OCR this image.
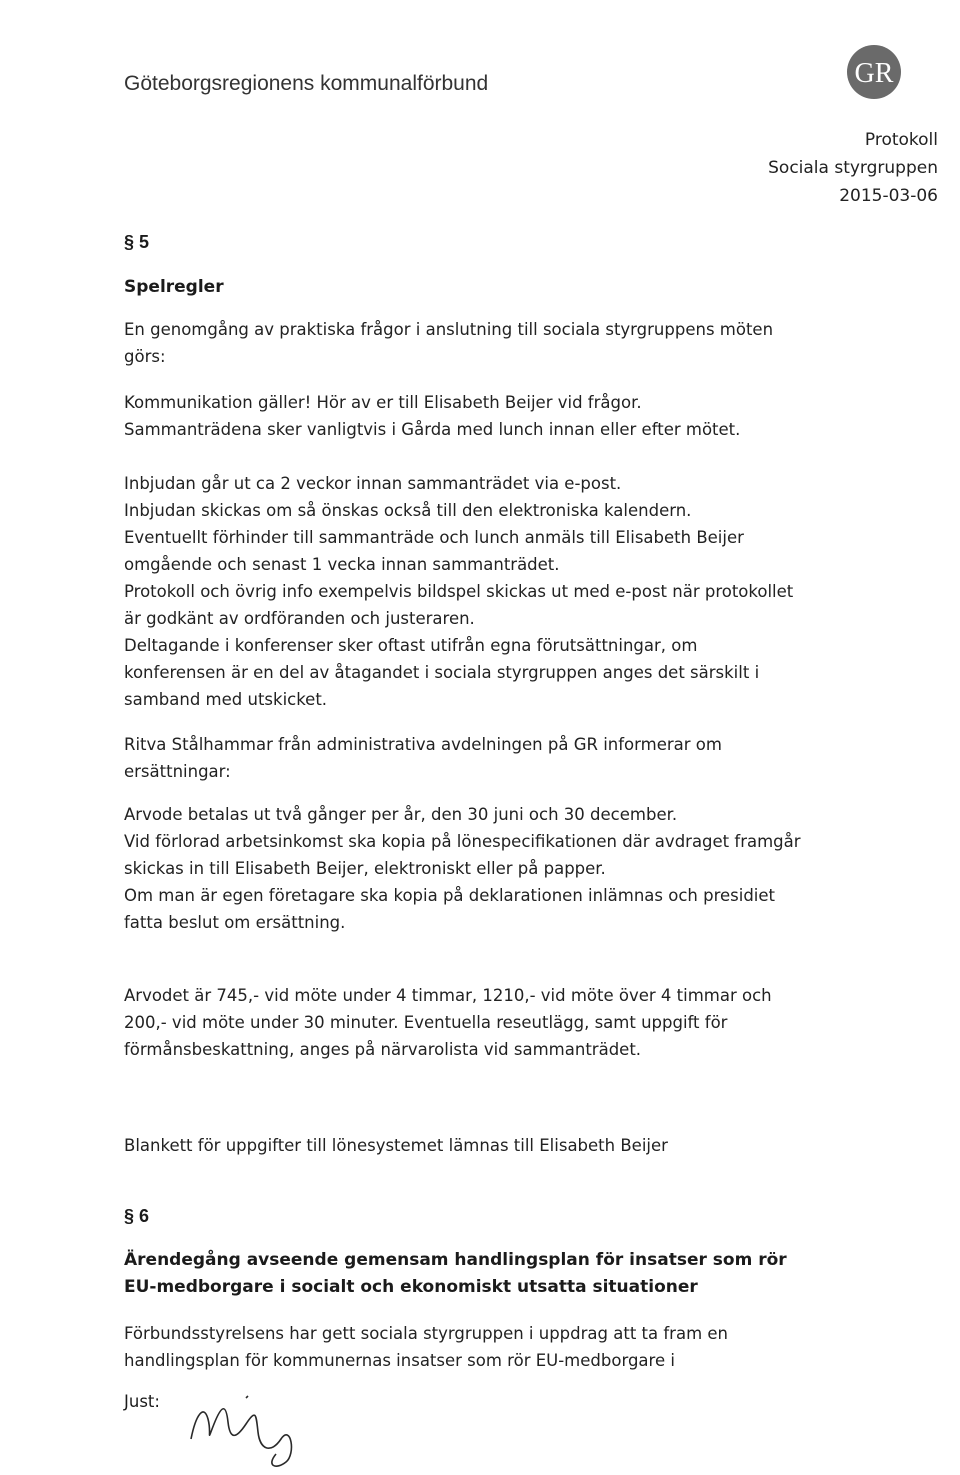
Göteborgsregionens kommunalförbund	GR
Protokoll
Sociala styrgruppen
2015-03-06
§ 5
Spelregler
En genomgång av praktiska frågor i anslutning till sociala styrgruppens möten görs:
Kommunikation gäller! Hör av er till Elisabeth Beijer vid frågor.
Sammanträdena sker vanligtvis i Gårda med lunch innan eller efter mötet.
Inbjudan går ut ca 2 veckor innan sammanträdet via e-post.
Inbjudan skickas om så önskas också till den elektroniska kalendern.
Eventuellt förhinder till sammanträde och lunch anmäls till Elisabeth Beijer omgående och senast 1 vecka innan sammanträdet.
Protokoll och övrig info exempelvis bildspel skickas ut med e-post när protokollet är godkänt av ordföranden och justeraren.
Deltagande i konferenser sker oftast utifrån egna förutsättningar, om konferensen är en del av åtagandet i sociala styrgruppen anges det särskilt i samband med utskicket.
Ritva Stålhammar från administrativa avdelningen på GR informerar om ersättningar:
Arvode betalas ut två gånger per år, den 30 juni och 30 december.
Vid förlorad arbetsinkomst ska kopia på lönespecifikationen där avdraget framgår skickas in till Elisabeth Beijer, elektroniskt eller på papper.
Om man är egen företagare ska kopia på deklarationen inlämnas och presidiet fatta beslut om ersättning.
Arvodet är 745,- vid möte under 4 timmar, 1210,- vid möte över 4 timmar och 200,- vid möte under 30 minuter. Eventuella reseutlägg, samt uppgift för förmånsbeskattning, anges på närvarolista vid sammanträdet.
Blankett för uppgifter till lönesystemet lämnas till Elisabeth Beijer
§ 6
Ärendegång avseende gemensam handlingsplan för insatser som rör EU-medborgare i socialt och ekonomiskt utsatta situationer
Förbundsstyrelsens har gett sociala styrgruppen i uppdrag att ta fram en handlingsplan för kommunernas insatser som rör EU-medborgare i
Just:
